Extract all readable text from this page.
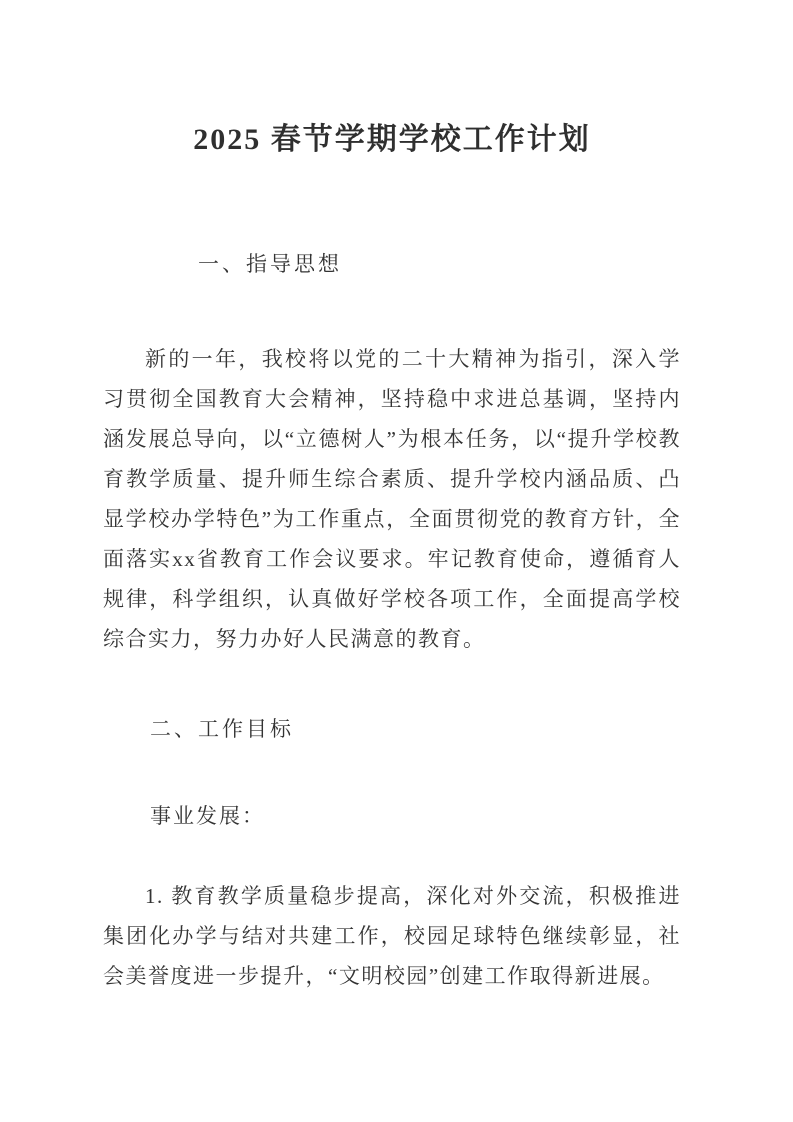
2025 春节学期学校工作计划
一、指导思想

新的一年，我校将以党的二十大精神为指引，深入学习贯彻全国教育大会精神，坚持稳中求进总基调，坚持内涵发展总导向，以“立德树人”为根本任务，以“提升学校教育教学质量、提升师生综合素质、提升学校内涵品质、凸显学校办学特色”为工作重点，全面贯彻党的教育方针，全面落实xx省教育工作会议要求。牢记教育使命，遵循育人规律，科学组织，认真做好学校各项工作，全面提高学校综合实力，努力办好人民满意的教育。

二、工作目标
事业发展：

1. 教育教学质量稳步提高，深化对外交流，积极推进集团化办学与结对共建工作，校园足球特色继续彰显，社会美誉度进一步提升，“文明校园”创建工作取得新进展。
